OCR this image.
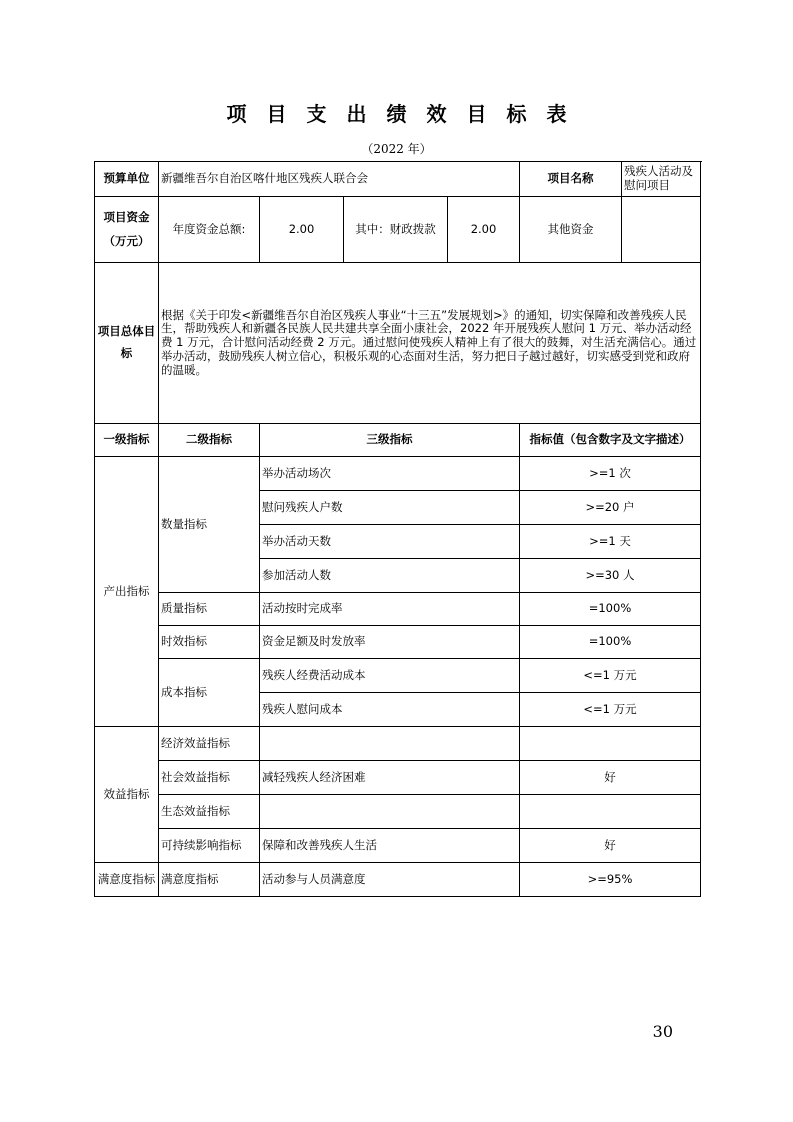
项目支出绩效目标表
（2022 年）
预算单位	新疆维吾尔自治区喀什地区残疾人联合会				项目名称	残疾人活动及慰问项目

项目资金
（万元）	年度资金总额:	2.00	其中：财政拨款	2.00	其他资金	

项目总体目
标	根据《关于印发<新疆维吾尔自治区残疾人事业“十三五”发展规划>》的通知，切实保障和改善残疾人民生，帮助残疾人和新疆各民族人民共建共享全面小康社会，2022 年开展残疾人慰问 1 万元、举办活动经费 1 万元，合计慰问活动经费 2 万元。通过慰问使残疾人精神上有了很大的鼓舞，对生活充满信心。通过举办活动，鼓励残疾人树立信心，积极乐观的心态面对生活，努力把日子越过越好，切实感受到党和政府的温暖。					
一级指标	二级指标	三级指标			指标值（包含数字及文字描述）	
产出指标	数量指标	举办活动场次			>=1 次	
		慰问残疾人户数			>=20 户	
		举办活动天数			>=1 天	
		参加活动人数			>=30 人	
	质量指标	活动按时完成率			=100%	
	时效指标	资金足额及时发放率			=100%	
	成本指标	残疾人经费活动成本			<=1 万元	
		残疾人慰问成本			<=1 万元	
效益指标	经济效益指标					
	社会效益指标	减轻残疾人经济困难			好	
	生态效益指标					
	可持续影响指标	保障和改善残疾人生活			好	
满意度指标	满意度指标	活动参与人员满意度			>=95%	
30
